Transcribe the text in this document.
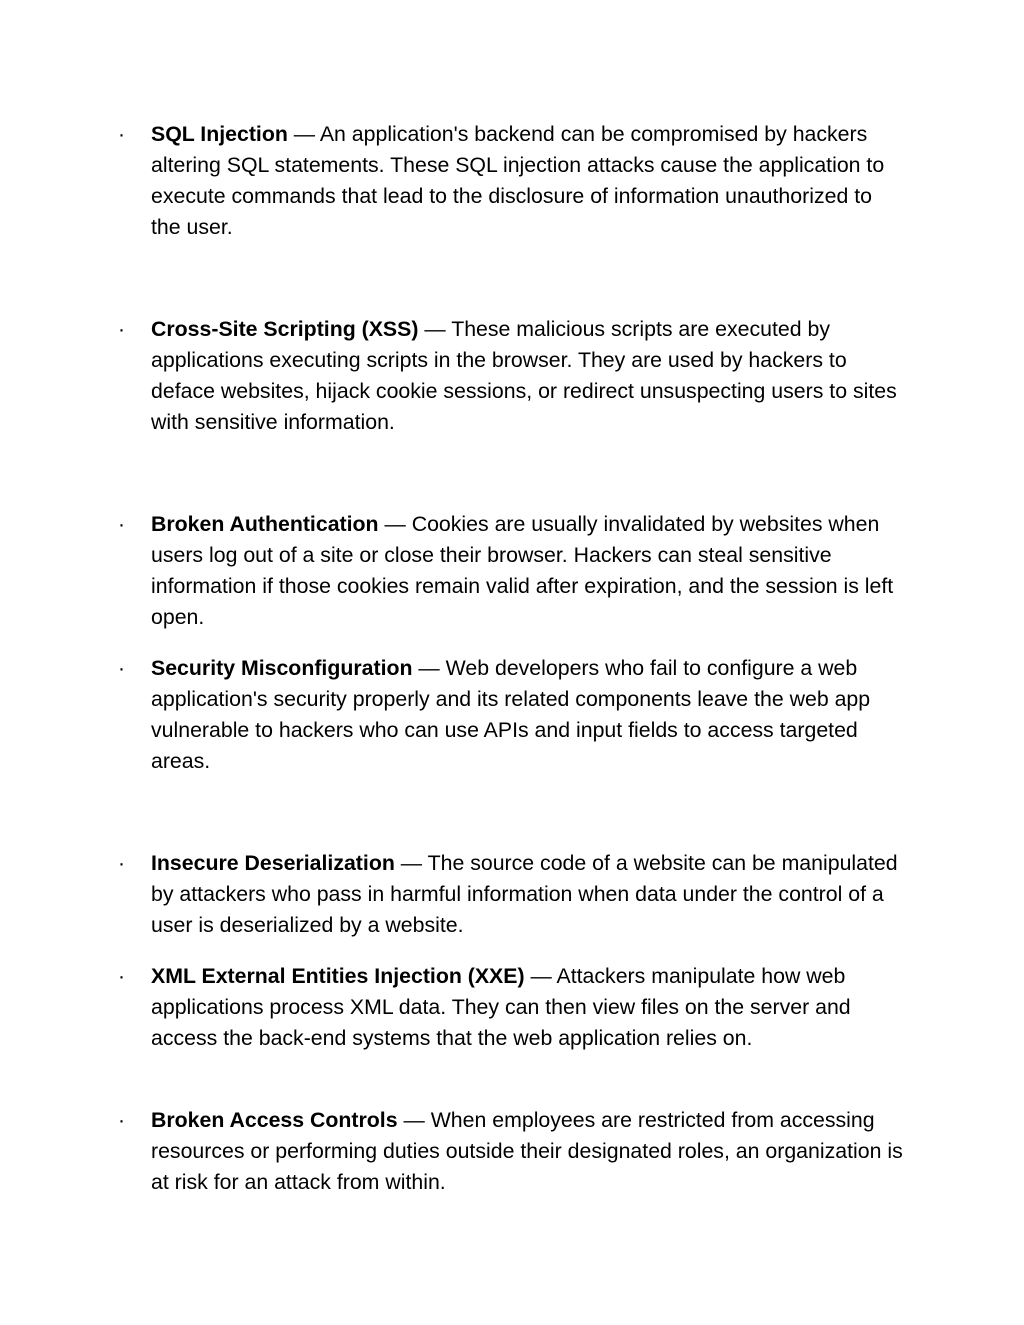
·	SQL Injection — An application's backend can be compromised by hackers altering SQL statements. These SQL injection attacks cause the application to execute commands that lead to the disclosure of information unauthorized to the user.
·	Cross-Site Scripting (XSS) — These malicious scripts are executed by applications executing scripts in the browser. They are used by hackers to deface websites, hijack cookie sessions, or redirect unsuspecting users to sites with sensitive information.
·	Broken Authentication — Cookies are usually invalidated by websites when users log out of a site or close their browser. Hackers can steal sensitive information if those cookies remain valid after expiration, and the session is left open.
·	Security Misconfiguration — Web developers who fail to configure a web application's security properly and its related components leave the web app vulnerable to hackers who can use APIs and input fields to access targeted areas.
·	Insecure Deserialization — The source code of a website can be manipulated by attackers who pass in harmful information when data under the control of a user is deserialized by a website.
·	XML External Entities Injection (XXE) — Attackers manipulate how web applications process XML data. They can then view files on the server and access the back-end systems that the web application relies on.
·	Broken Access Controls — When employees are restricted from accessing resources or performing duties outside their designated roles, an organization is at risk for an attack from within.
